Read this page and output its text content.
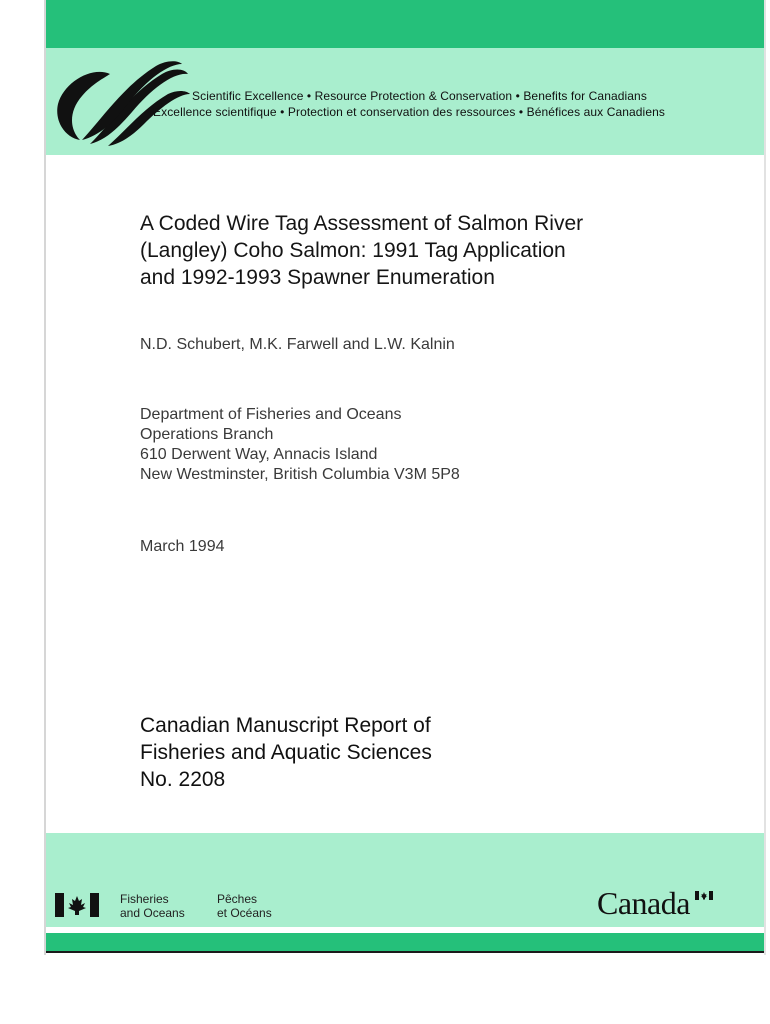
Scientific Excellence • Resource Protection & Conservation • Benefits for Canadians
Excellence scientifique • Protection et conservation des ressources • Bénéfices aux Canadiens
A Coded Wire Tag Assessment of Salmon River
(Langley) Coho Salmon: 1991 Tag Application
and 1992-1993 Spawner Enumeration
N.D. Schubert, M.K. Farwell and L.W. Kalnin
Department of Fisheries and Oceans
Operations Branch
610 Derwent Way, Annacis Island
New Westminster, British Columbia V3M 5P8
March 1994
Canadian Manuscript Report of
Fisheries and Aquatic Sciences
No. 2208
Fisheries
and Oceans
Pêches
et Océans	Canada
